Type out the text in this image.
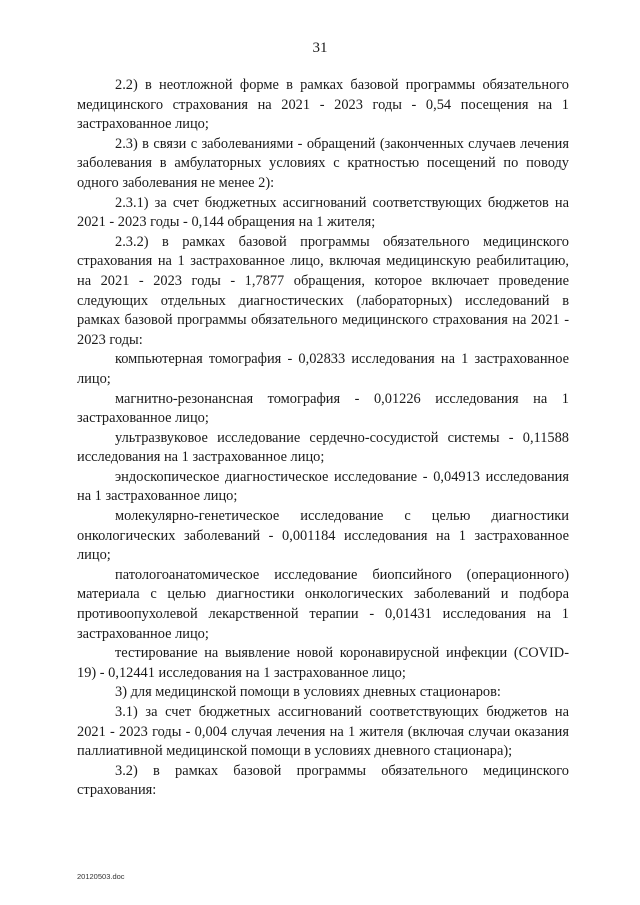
31

2.2) в неотложной форме в рамках базовой программы обязательного медицинского страхования на 2021 - 2023 годы - 0,54 посещения на 1 застрахованное лицо;

2.3) в связи с заболеваниями - обращений (законченных случаев лечения заболевания в амбулаторных условиях с кратностью посещений по поводу одного заболевания не менее 2):

2.3.1) за счет бюджетных ассигнований соответствующих бюджетов на 2021 - 2023 годы - 0,144 обращения на 1 жителя;

2.3.2) в рамках базовой программы обязательного медицинского страхования на 1 застрахованное лицо, включая медицинскую реабилитацию, на 2021 - 2023 годы - 1,7877 обращения, которое включает проведение следующих отдельных диагностических (лабораторных) исследований в рамках базовой программы обязательного медицинского страхования на 2021 - 2023 годы:

компьютерная томография - 0,02833 исследования на 1 застрахованное лицо;

магнитно-резонансная томография - 0,01226 исследования на 1 застрахованное лицо;

ультразвуковое исследование сердечно-сосудистой системы - 0,11588 исследования на 1 застрахованное лицо;

эндоскопическое диагностическое исследование - 0,04913 исследования на 1 застрахованное лицо;

молекулярно-генетическое исследование с целью диагностики онкологических заболеваний - 0,001184 исследования на 1 застрахованное лицо;

патологоанатомическое исследование биопсийного (операционного) материала с целью диагностики онкологических заболеваний и подбора противоопухолевой лекарственной терапии - 0,01431 исследования на 1 застрахованное лицо;

тестирование на выявление новой коронавирусной инфекции (COVID-19) - 0,12441 исследования на 1 застрахованное лицо;

3) для медицинской помощи в условиях дневных стационаров:

3.1) за счет бюджетных ассигнований соответствующих бюджетов на 2021 - 2023 годы - 0,004 случая лечения на 1 жителя (включая случаи оказания паллиативной медицинской помощи в условиях дневного стационара);

3.2) в рамках базовой программы обязательного медицинского страхования:

20120503.doc
